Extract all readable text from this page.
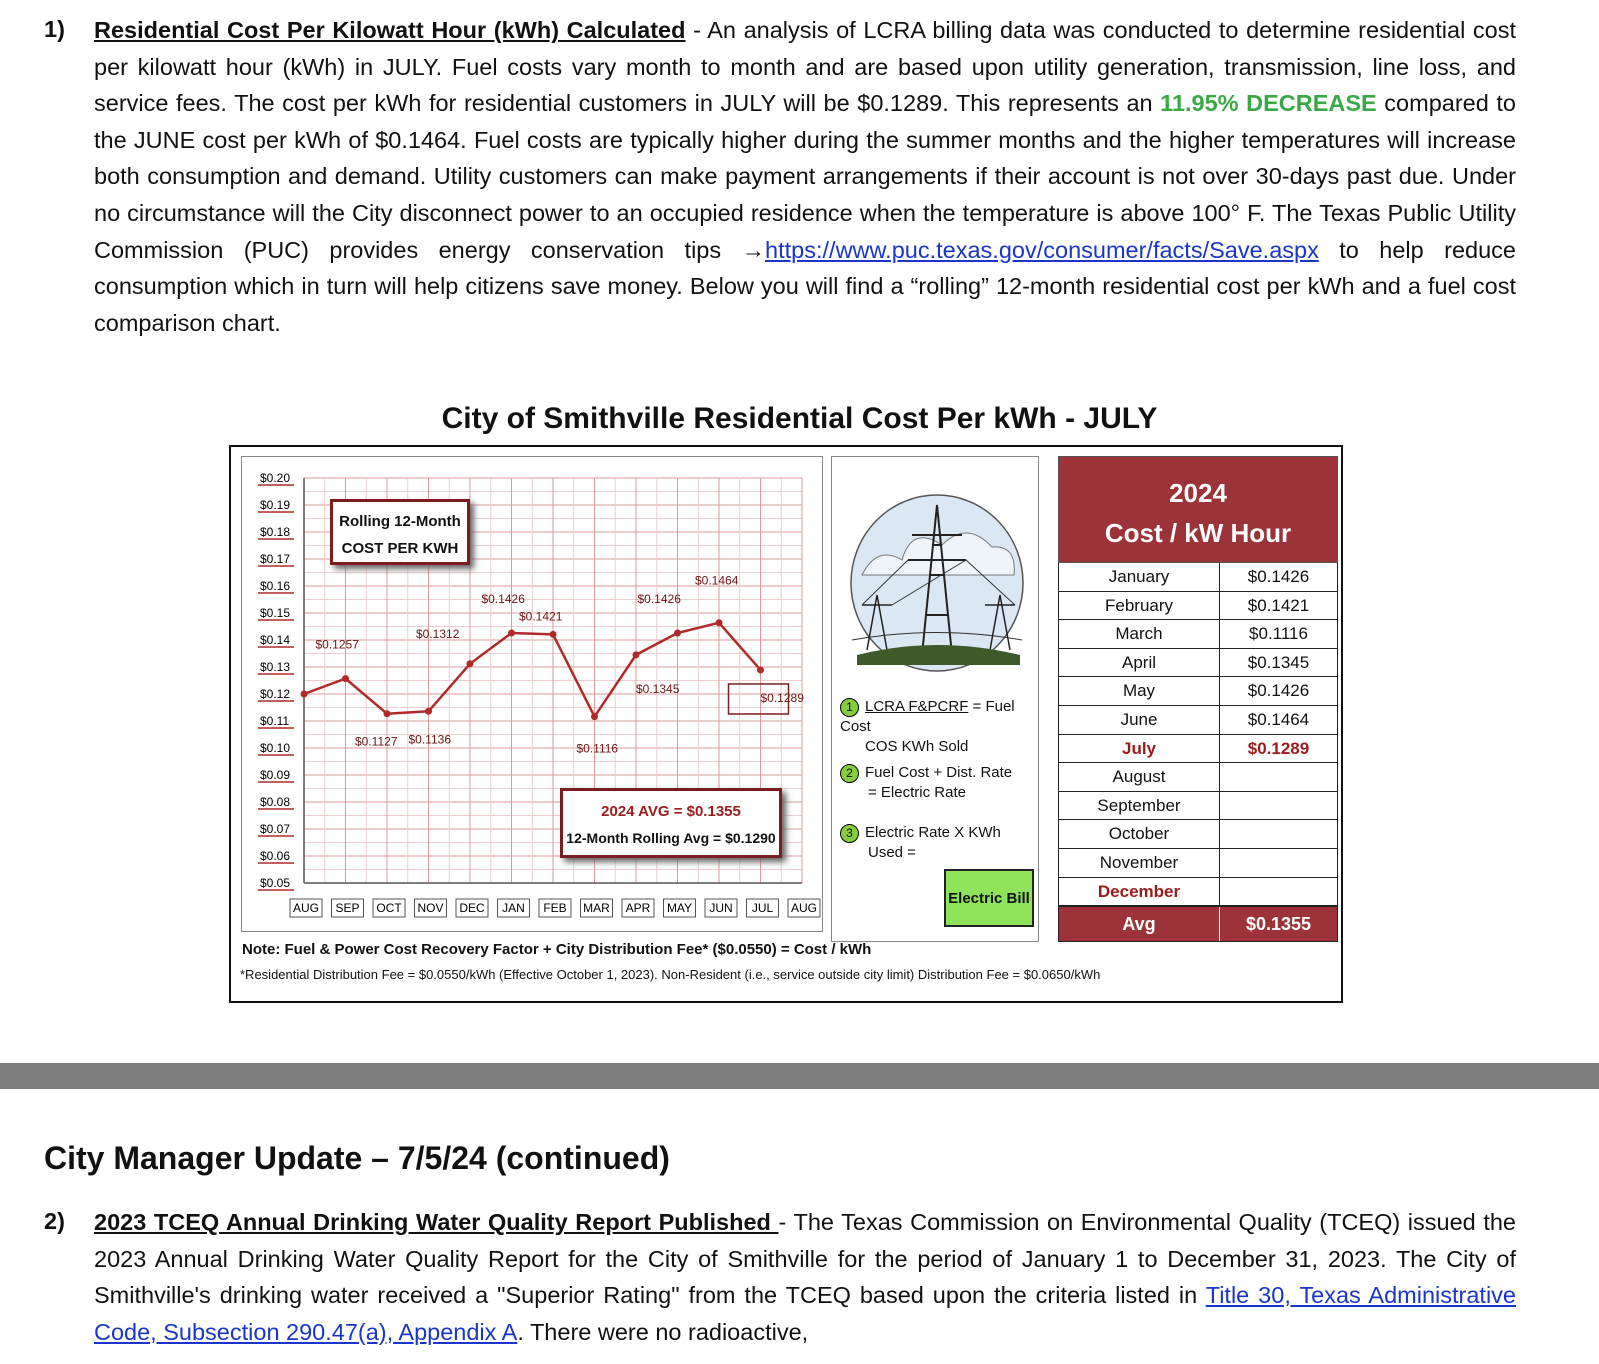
1) Residential Cost Per Kilowatt Hour (kWh) Calculated - An analysis of LCRA billing data was conducted to determine residential cost per kilowatt hour (kWh) in JULY. Fuel costs vary month to month and are based upon utility generation, transmission, line loss, and service fees. The cost per kWh for residential customers in JULY will be $0.1289. This represents an 11.95% DECREASE compared to the JUNE cost per kWh of $0.1464. Fuel costs are typically higher during the summer months and the higher temperatures will increase both consumption and demand. Utility customers can make payment arrangements if their account is not over 30-days past due. Under no circumstance will the City disconnect power to an occupied residence when the temperature is above 100° F. The Texas Public Utility Commission (PUC) provides energy conservation tips →https://www.puc.texas.gov/consumer/facts/Save.aspx to help reduce consumption which in turn will help citizens save money. Below you will find a “rolling” 12-month residential cost per kWh and a fuel cost comparison chart.
City of Smithville Residential Cost Per kWh - JULY
$0.20
$0.19
$0.18
$0.17
$0.16
$0.15
$0.14
$0.13
$0.12
$0.11
$0.10
$0.09
$0.08
$0.07
$0.06
$0.05
AUG SEP OCT NOV DEC JAN FEB MAR APR MAY JUN JUL AUG
$0.1257
$0.1127 $0.1136
$0.1312
$0.1426
$0.1421
$0.1116
$0.1345
$0.1426
$0.1464
$0.1289
Rolling 12-Month
COST PER KWH
2024 AVG = $0.1355
12-Month Rolling Avg = $0.1290
1 LCRA F&PCRF = Fuel Cost
COS KWh Sold
2 Fuel Cost + Dist. Rate
= Electric Rate
3 Electric Rate X KWh
Used =
Electric Bill
2024
Cost / kW Hour
January	$0.1426
February	$0.1421
March	$0.1116
April	$0.1345
May	$0.1426
June	$0.1464
July	$0.1289
August
September
October
November
December
Avg	$0.1355
Note: Fuel & Power Cost Recovery Factor + City Distribution Fee* ($0.0550) = Cost / kWh
*Residential Distribution Fee = $0.0550/kWh (Effective October 1, 2023). Non-Resident (i.e., service outside city limit) Distribution Fee = $0.0650/kWh
City Manager Update – 7/5/24 (continued)
2) 2023 TCEQ Annual Drinking Water Quality Report Published - The Texas Commission on Environmental Quality (TCEQ) issued the 2023 Annual Drinking Water Quality Report for the City of Smithville for the period of January 1 to December 31, 2023. The City of Smithville's drinking water received a "Superior Rating" from the TCEQ based upon the criteria listed in Title 30, Texas Administrative Code, Subsection 290.47(a), Appendix A. There were no radioactive,
